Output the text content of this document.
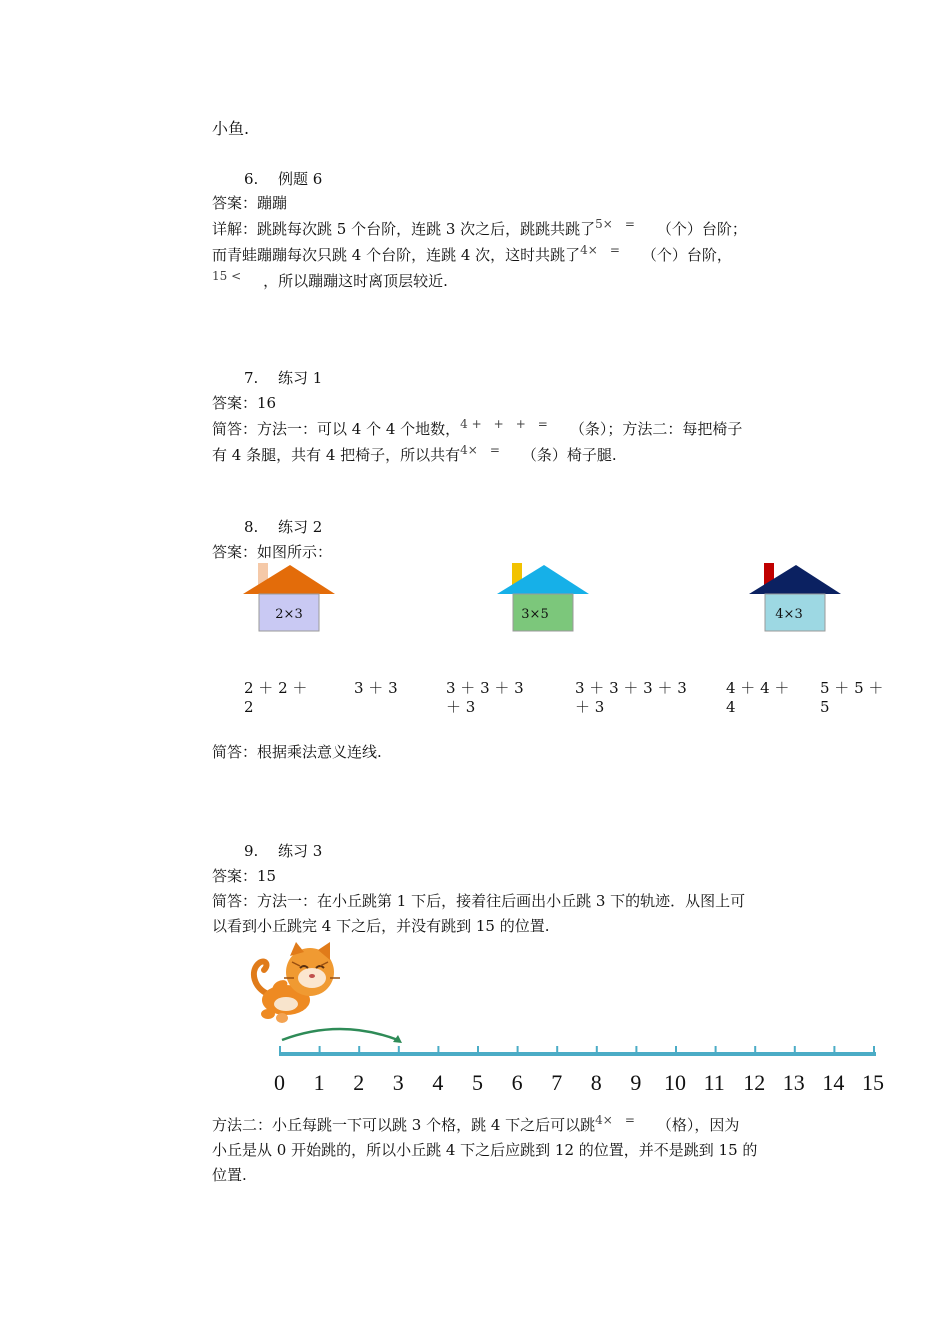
小鱼.
6. 例题 6
答案：蹦蹦
详解：跳跳每次跳 5 个台阶，连跳 3 次之后，跳跳共跳了$^{5\times =}$ （个）台阶；
而青蛙蹦蹦每次只跳 4 个台阶，连跳 4 次，这时共跳了$^{4\times =}$ （个）台阶，
$^{15 <}$ ，所以蹦蹦这时离顶层较近.
7. 练习 1
答案：16
简答：方法一：可以 4 个 4 个地数，$^{4 + + + =}$ （条）；方法二：每把椅子
有 4 条腿，共有 4 把椅子，所以共有$^{4\times =}$ （条）椅子腿.
8. 练习 2
答案：如图所示：
2×3	3×5	4×3
2 ＋ 2 ＋
2
3 ＋ 3	3 ＋ 3 ＋ 3
＋ 3
3 ＋ 3 ＋ 3 ＋ 3
＋ 3
4 ＋ 4 ＋
4
5 ＋ 5 ＋
5
简答：根据乘法意义连线.
9. 练习 3
答案：15
简答：方法一：在小丘跳第 1 下后，接着往后画出小丘跳 3 下的轨迹．从图上可
以看到小丘跳完 4 下之后，并没有跳到 15 的位置.
0 1 2 3 4 5 6 7 8 9 10 11 12 13 14 15
方法二：小丘每跳一下可以跳 3 个格，跳 4 下之后可以跳$^{4\times =}$ （格），因为
小丘是从 0 开始跳的，所以小丘跳 4 下之后应跳到 12 的位置，并不是跳到 15 的
位置.
